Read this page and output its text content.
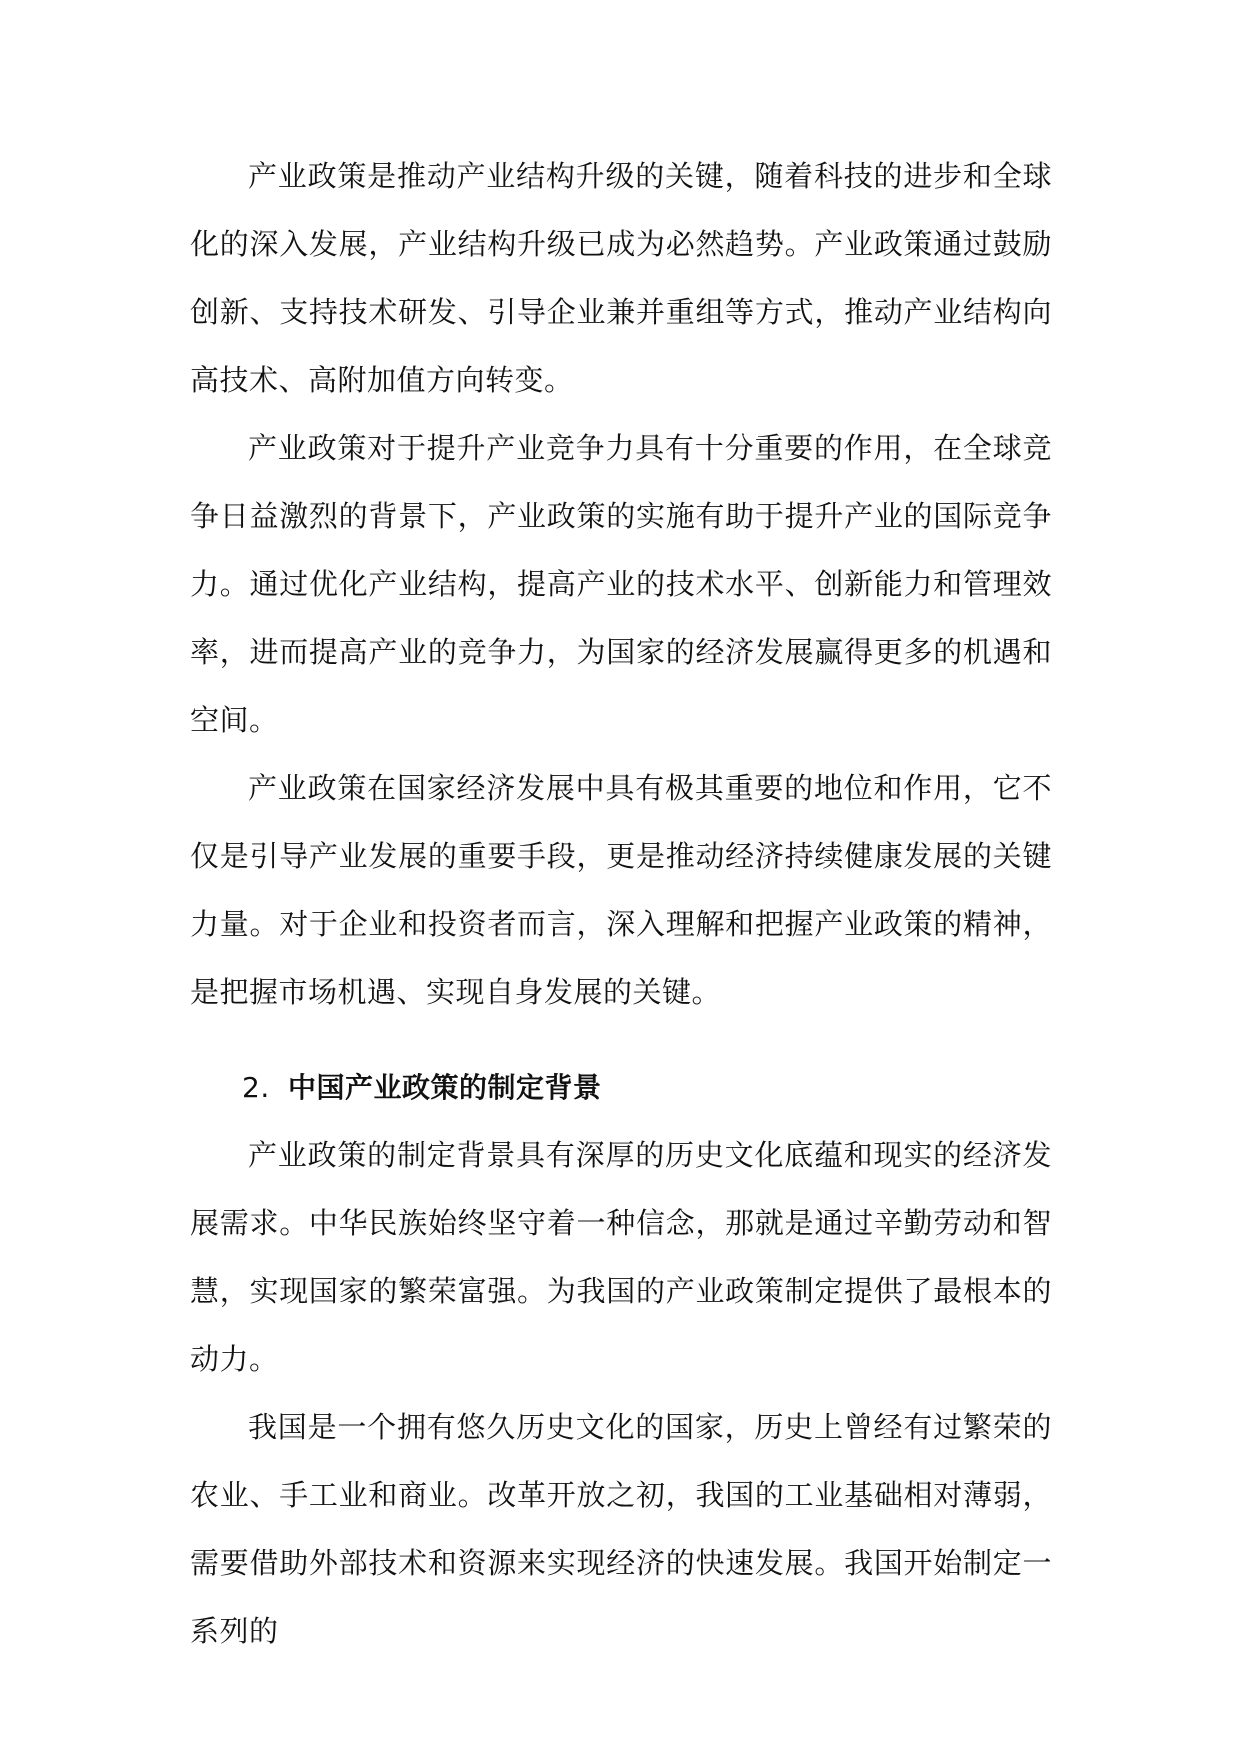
产业政策是推动产业结构升级的关键，随着科技的进步和全球化的深入发展，产业结构升级已成为必然趋势。产业政策通过鼓励创新、支持技术研发、引导企业兼并重组等方式，推动产业结构向高技术、高附加值方向转变。

产业政策对于提升产业竞争力具有十分重要的作用，在全球竞争日益激烈的背景下，产业政策的实施有助于提升产业的国际竞争力。通过优化产业结构，提高产业的技术水平、创新能力和管理效率，进而提高产业的竞争力，为国家的经济发展赢得更多的机遇和空间。

产业政策在国家经济发展中具有极其重要的地位和作用，它不仅是引导产业发展的重要手段，更是推动经济持续健康发展的关键力量。对于企业和投资者而言，深入理解和把握产业政策的精神，是把握市场机遇、实现自身发展的关键。

2. 中国产业政策的制定背景

产业政策的制定背景具有深厚的历史文化底蕴和现实的经济发展需求。中华民族始终坚守着一种信念，那就是通过辛勤劳动和智慧，实现国家的繁荣富强。为我国的产业政策制定提供了最根本的动力。

我国是一个拥有悠久历史文化的国家，历史上曾经有过繁荣的农业、手工业和商业。改革开放之初，我国的工业基础相对薄弱，需要借助外部技术和资源来实现经济的快速发展。我国开始制定一系列的
